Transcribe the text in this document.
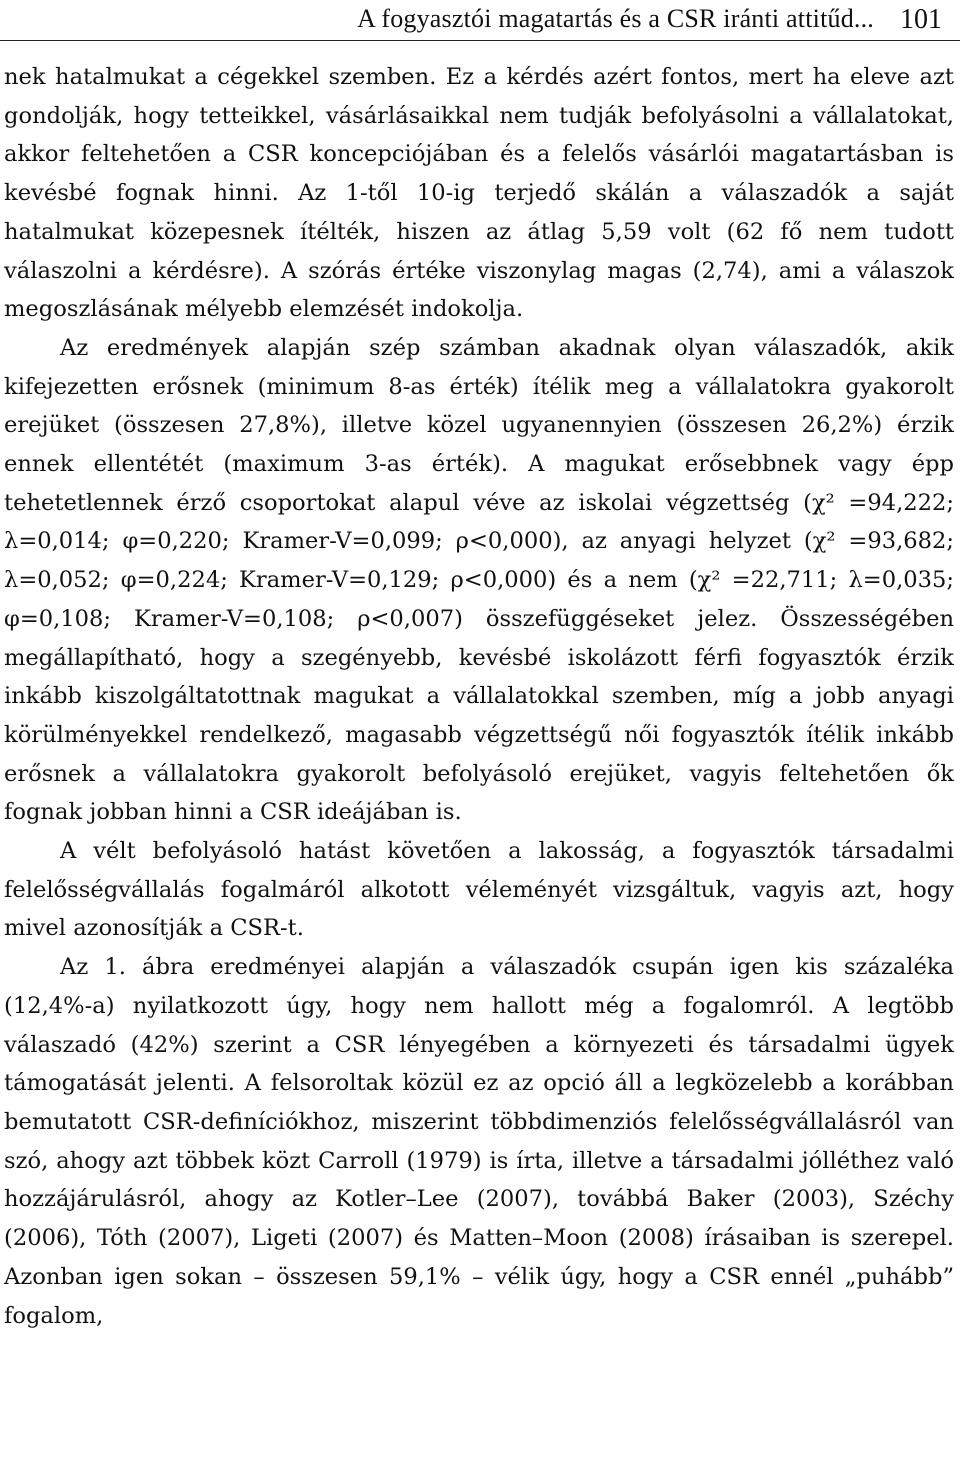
A fogyasztói magatartás és a CSR iránti attitűd... 101

nek hatalmukat a cégekkel szemben. Ez a kérdés azért fontos, mert ha eleve azt gondolják, hogy tetteikkel, vásárlásaikkal nem tudják befolyásolni a vállalatokat, akkor feltehetően a CSR koncepciójában és a felelős vásárlói magatartásban is kevésbé fognak hinni. Az 1-től 10-ig terjedő skálán a válaszadók a saját hatalmukat közepesnek ítélték, hiszen az átlag 5,59 volt (62 fő nem tudott válaszolni a kérdésre). A szórás értéke viszonylag magas (2,74), ami a válaszok megoszlásának mélyebb elemzését indokolja.

Az eredmények alapján szép számban akadnak olyan válaszadók, akik kifejezetten erősnek (minimum 8-as érték) ítélik meg a vállalatokra gyakorolt erejüket (összesen 27,8%), illetve közel ugyanennyien (összesen 26,2%) érzik ennek ellentétét (maximum 3-as érték). A magukat erősebbnek vagy épp tehetetlennek érző csoportokat alapul véve az iskolai végzettség (χ² =94,222; λ=0,014; φ=0,220; Kramer-V=0,099; ρ<0,000), az anyagi helyzet (χ² =93,682; λ=0,052; φ=0,224; Kramer-V=0,129; ρ<0,000) és a nem (χ² =22,711; λ=0,035; φ=0,108; Kramer-V=0,108; ρ<0,007) összefüggéseket jelez. Összességében megállapítható, hogy a szegényebb, kevésbé iskolázott férfi fogyasztók érzik inkább kiszolgáltatottnak magukat a vállalatokkal szemben, míg a jobb anyagi körülményekkel rendelkező, magasabb végzettségű női fogyasztók ítélik inkább erősnek a vállalatokra gyakorolt befolyásoló erejüket, vagyis feltehetően ők fognak jobban hinni a CSR ideájában is.

A vélt befolyásoló hatást követően a lakosság, a fogyasztók társadalmi felelősségvállalás fogalmáról alkotott véleményét vizsgáltuk, vagyis azt, hogy mivel azonosítják a CSR-t.

Az 1. ábra eredményei alapján a válaszadók csupán igen kis százaléka (12,4%-a) nyilatkozott úgy, hogy nem hallott még a fogalomról. A legtöbb válaszadó (42%) szerint a CSR lényegében a környezeti és társadalmi ügyek támogatását jelenti. A felsoroltak közül ez az opció áll a legközelebb a korábban bemutatott CSR-definíciókhoz, miszerint többdimenziós felelősségvállalásról van szó, ahogy azt többek közt Carroll (1979) is írta, illetve a társadalmi jólléthez való hozzájárulásról, ahogy az Kotler–Lee (2007), továbbá Baker (2003), Széchy (2006), Tóth (2007), Ligeti (2007) és Matten–Moon (2008) írásaiban is szerepel. Azonban igen sokan – összesen 59,1% – vélik úgy, hogy a CSR ennél „puhább” fogalom,
